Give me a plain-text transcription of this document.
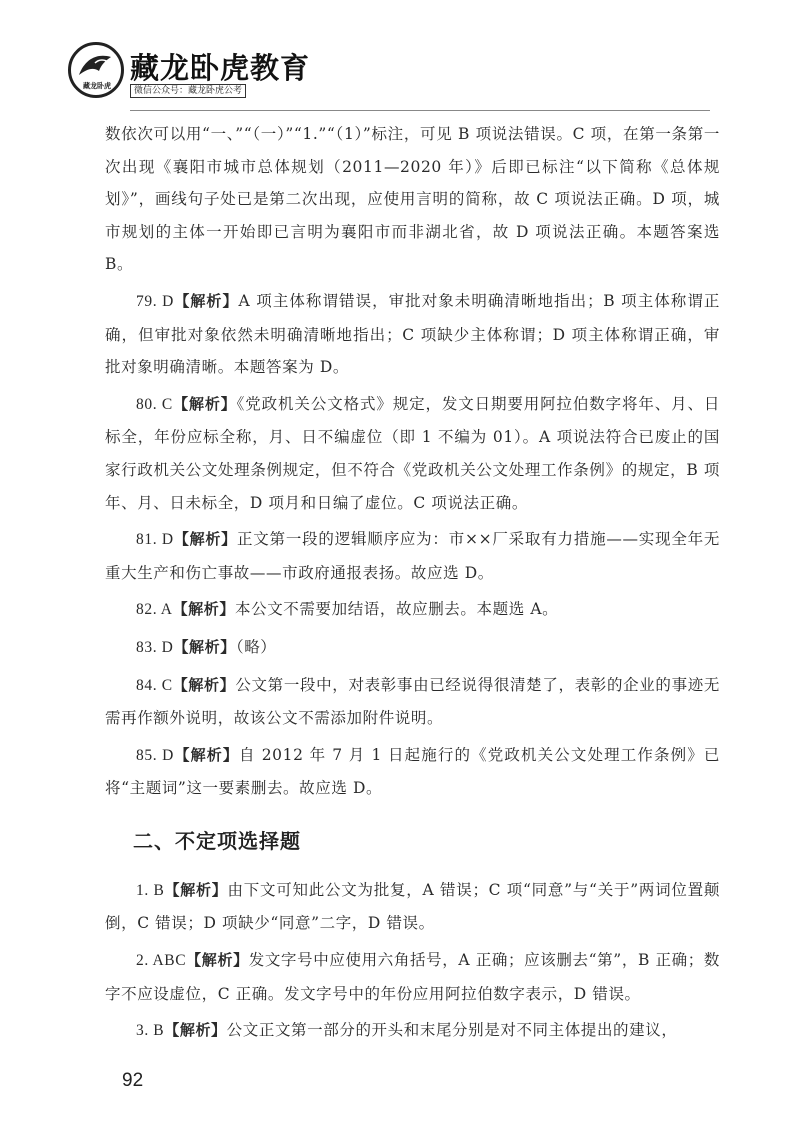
藏龙卧虎
藏龙卧虎教育
微信公众号：藏龙卧虎公考

数依次可以用“一、”“（一）”“1.”“（1）”标注，可见 B 项说法错误。C 项，在第一条第一次出现《襄阳市城市总体规划（2011—2020 年）》后即已标注“以下简称《总体规划》”，画线句子处已是第二次出现，应使用言明的简称，故 C 项说法正确。D 项，城市规划的主体一开始即已言明为襄阳市而非湖北省，故 D 项说法正确。本题答案选 B。

79. D【解析】A 项主体称谓错误，审批对象未明确清晰地指出；B 项主体称谓正确，但审批对象依然未明确清晰地指出；C 项缺少主体称谓；D 项主体称谓正确，审批对象明确清晰。本题答案为 D。

80. C【解析】《党政机关公文格式》规定，发文日期要用阿拉伯数字将年、月、日标全，年份应标全称，月、日不编虚位（即 1 不编为 01）。A 项说法符合已废止的国家行政机关公文处理条例规定，但不符合《党政机关公文处理工作条例》的规定，B 项年、月、日未标全，D 项月和日编了虚位。C 项说法正确。

81. D【解析】正文第一段的逻辑顺序应为：市××厂采取有力措施——实现全年无重大生产和伤亡事故——市政府通报表扬。故应选 D。

82. A【解析】本公文不需要加结语，故应删去。本题选 A。

83. D【解析】（略）

84. C【解析】公文第一段中，对表彰事由已经说得很清楚了，表彰的企业的事迹无需再作额外说明，故该公文不需添加附件说明。

85. D【解析】自 2012 年 7 月 1 日起施行的《党政机关公文处理工作条例》已将“主题词”这一要素删去。故应选 D。

二、不定项选择题

1. B【解析】由下文可知此公文为批复，A 错误；C 项“同意”与“关于”两词位置颠倒，C 错误；D 项缺少“同意”二字，D 错误。

2. ABC【解析】发文字号中应使用六角括号，A 正确；应该删去“第”，B 正确；数字不应设虚位，C 正确。发文字号中的年份应用阿拉伯数字表示，D 错误。

3. B【解析】公文正文第一部分的开头和末尾分别是对不同主体提出的建议，

92
